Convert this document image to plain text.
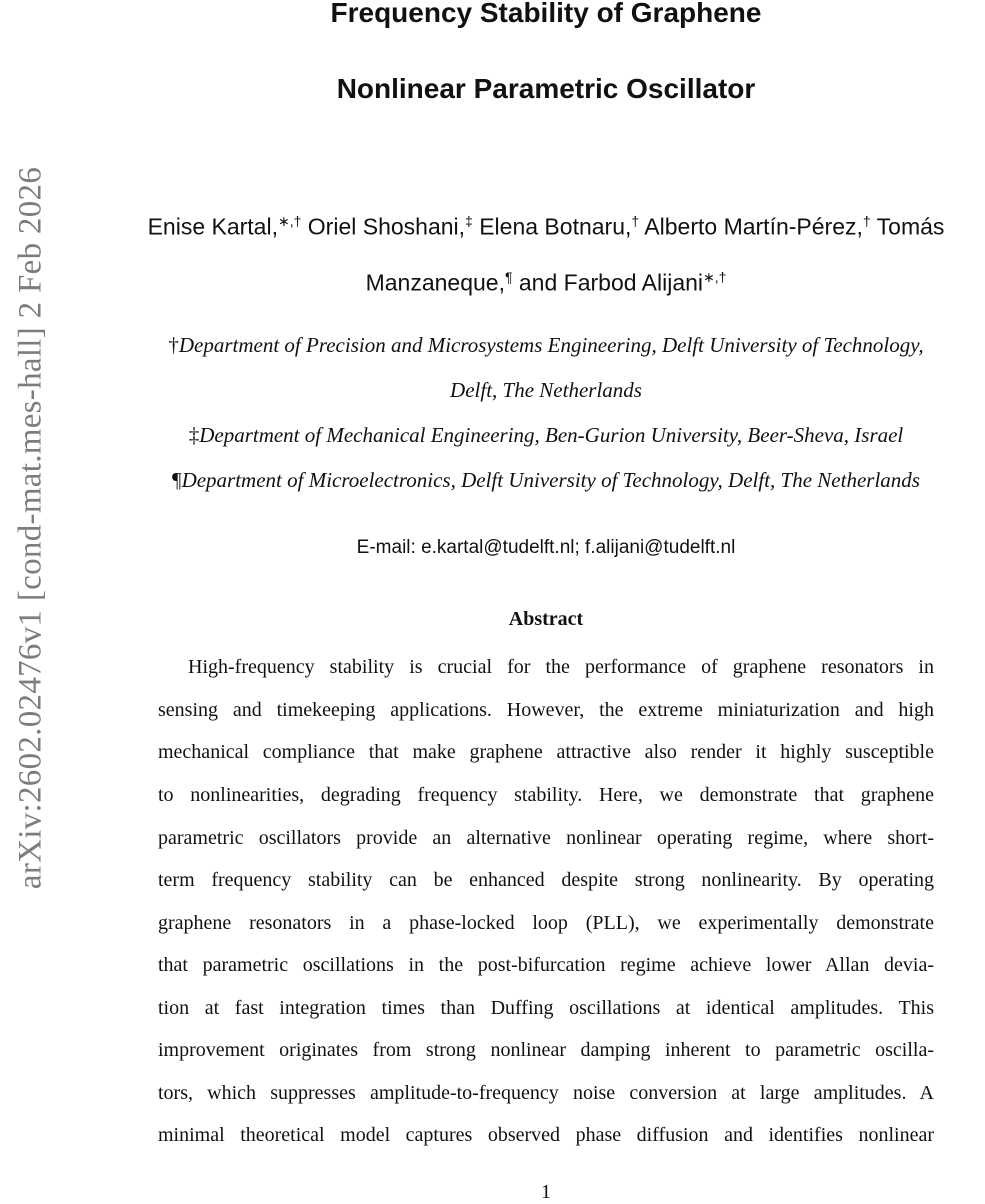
arXiv:2602.02476v1 [cond-mat.mes-hall] 2 Feb 2026
Frequency Stability of Graphene
Nonlinear Parametric Oscillator
Enise Kartal,∗,† Oriel Shoshani,‡ Elena Botnaru,† Alberto Martín-Pérez,† Tomás
Manzaneque,¶ and Farbod Alijani∗,†
†Department of Precision and Microsystems Engineering, Delft University of Technology,
Delft, The Netherlands
‡Department of Mechanical Engineering, Ben-Gurion University, Beer-Sheva, Israel
¶Department of Microelectronics, Delft University of Technology, Delft, The Netherlands
E-mail: e.kartal@tudelft.nl; f.alijani@tudelft.nl
Abstract
High-frequency stability is crucial for the performance of graphene resonators in
sensing and timekeeping applications. However, the extreme miniaturization and high
mechanical compliance that make graphene attractive also render it highly susceptible
to nonlinearities, degrading frequency stability. Here, we demonstrate that graphene
parametric oscillators provide an alternative nonlinear operating regime, where short-
term frequency stability can be enhanced despite strong nonlinearity. By operating
graphene resonators in a phase-locked loop (PLL), we experimentally demonstrate
that parametric oscillations in the post-bifurcation regime achieve lower Allan devia-
tion at fast integration times than Duffing oscillations at identical amplitudes. This
improvement originates from strong nonlinear damping inherent to parametric oscilla-
tors, which suppresses amplitude-to-frequency noise conversion at large amplitudes. A
minimal theoretical model captures observed phase diffusion and identifies nonlinear
1
